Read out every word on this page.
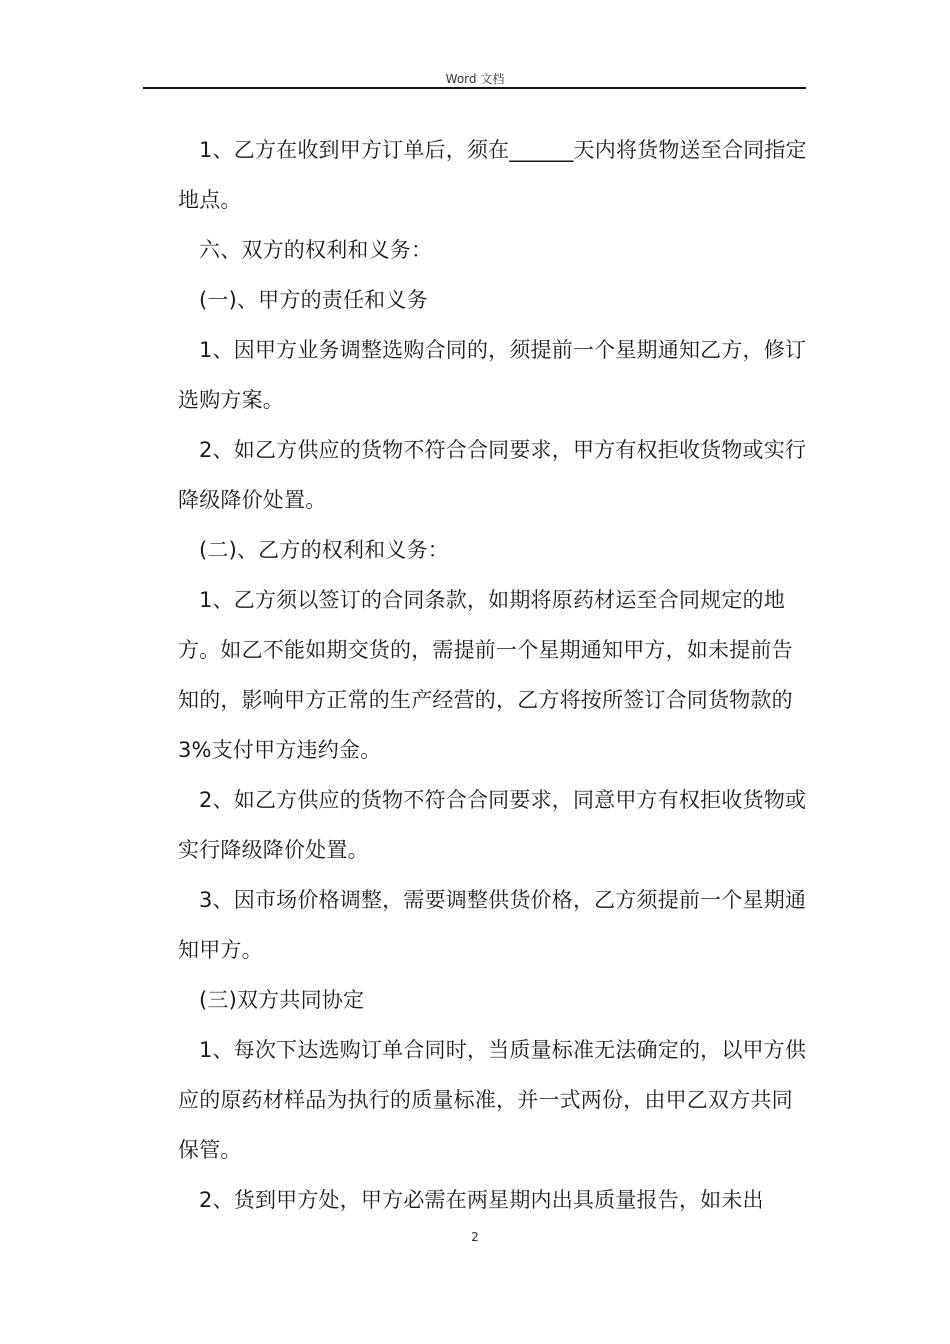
Word 文档

1、乙方在收到甲方订单后，须在______天内将货物送至合同指定地点。

六、双方的权利和义务：

(一)、甲方的责任和义务

1、因甲方业务调整选购合同的，须提前一个星期通知乙方，修订选购方案。

2、如乙方供应的货物不符合合同要求，甲方有权拒收货物或实行降级降价处置。

(二)、乙方的权利和义务：

1、乙方须以签订的合同条款，如期将原药材运至合同规定的地方。如乙不能如期交货的，需提前一个星期通知甲方，如未提前告知的，影响甲方正常的生产经营的，乙方将按所签订合同货物款的 3%支付甲方违约金。

2、如乙方供应的货物不符合合同要求，同意甲方有权拒收货物或实行降级降价处置。

3、因市场价格调整，需要调整供货价格，乙方须提前一个星期通知甲方。

(三)双方共同协定

1、每次下达选购订单合同时，当质量标准无法确定的，以甲方供应的原药材样品为执行的质量标准，并一式两份，由甲乙双方共同保管。

2、货到甲方处，甲方必需在两星期内出具质量报告，如未出

2
